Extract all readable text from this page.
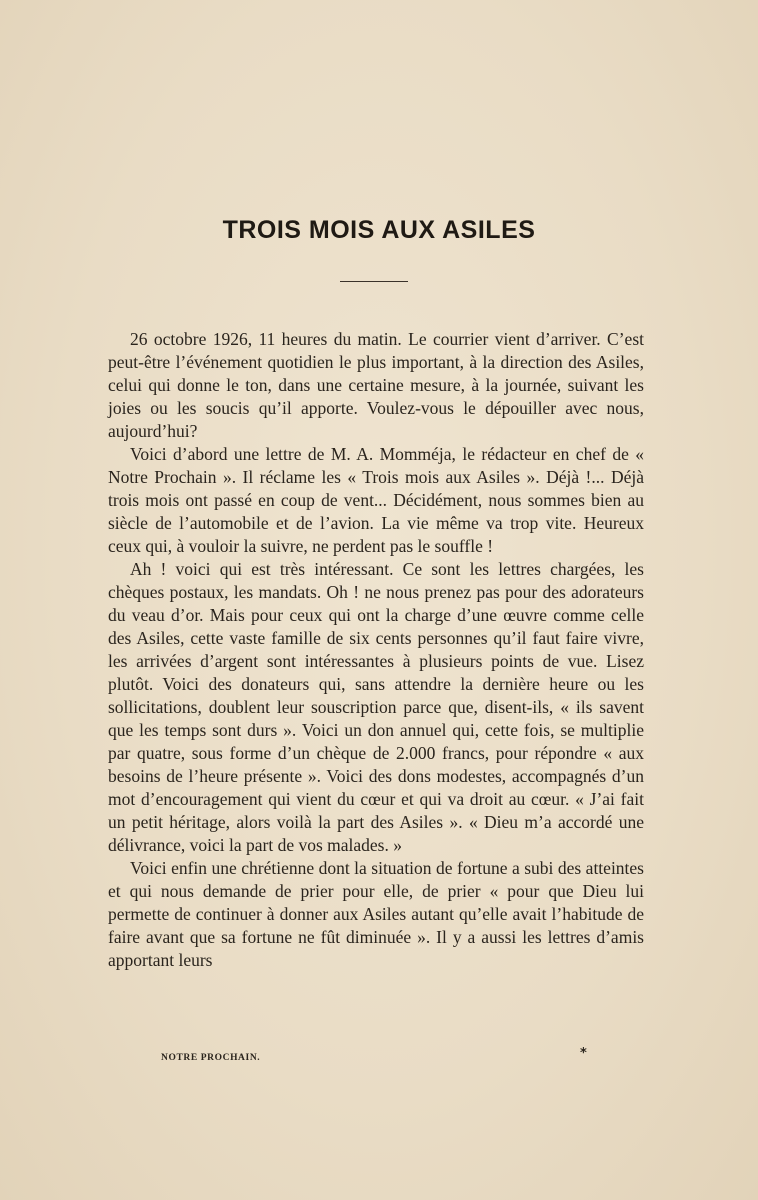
TROIS MOIS AUX ASILES

26 octobre 1926, 11 heures du matin. Le courrier vient d’arriver. C’est peut-être l’événement quotidien le plus important, à la direction des Asiles, celui qui donne le ton, dans une certaine mesure, à la journée, suivant les joies ou les soucis qu’il apporte. Voulez-vous le dépouiller avec nous, aujourd’hui?

Voici d’abord une lettre de M. A. Momméja, le rédacteur en chef de « Notre Prochain ». Il réclame les « Trois mois aux Asiles ». Déjà !... Déjà trois mois ont passé en coup de vent... Décidément, nous sommes bien au siècle de l’automobile et de l’avion. La vie même va trop vite. Heureux ceux qui, à vouloir la suivre, ne perdent pas le souffle !

Ah ! voici qui est très intéressant. Ce sont les lettres chargées, les chèques postaux, les mandats. Oh ! ne nous prenez pas pour des adorateurs du veau d’or. Mais pour ceux qui ont la charge d’une œuvre comme celle des Asiles, cette vaste famille de six cents personnes qu’il faut faire vivre, les arrivées d’argent sont intéressantes à plusieurs points de vue. Lisez plutôt. Voici des donateurs qui, sans attendre la dernière heure ou les sollicitations, doublent leur souscription parce que, disent-ils, « ils savent que les temps sont durs ». Voici un don annuel qui, cette fois, se multiplie par quatre, sous forme d’un chèque de 2.000 francs, pour répondre « aux besoins de l’heure présente ». Voici des dons modestes, accompagnés d’un mot d’encouragement qui vient du cœur et qui va droit au cœur. « J’ai fait un petit héritage, alors voilà la part des Asiles ». « Dieu m’a accordé une délivrance, voici la part de vos malades. »

Voici enfin une chrétienne dont la situation de fortune a subi des atteintes et qui nous demande de prier pour elle, de prier « pour que Dieu lui permette de continuer à donner aux Asiles autant qu’elle avait l’habitude de faire avant que sa fortune ne fût diminuée ». Il y a aussi les lettres d’amis apportant leurs

NOTRE PROCHAIN.	*
